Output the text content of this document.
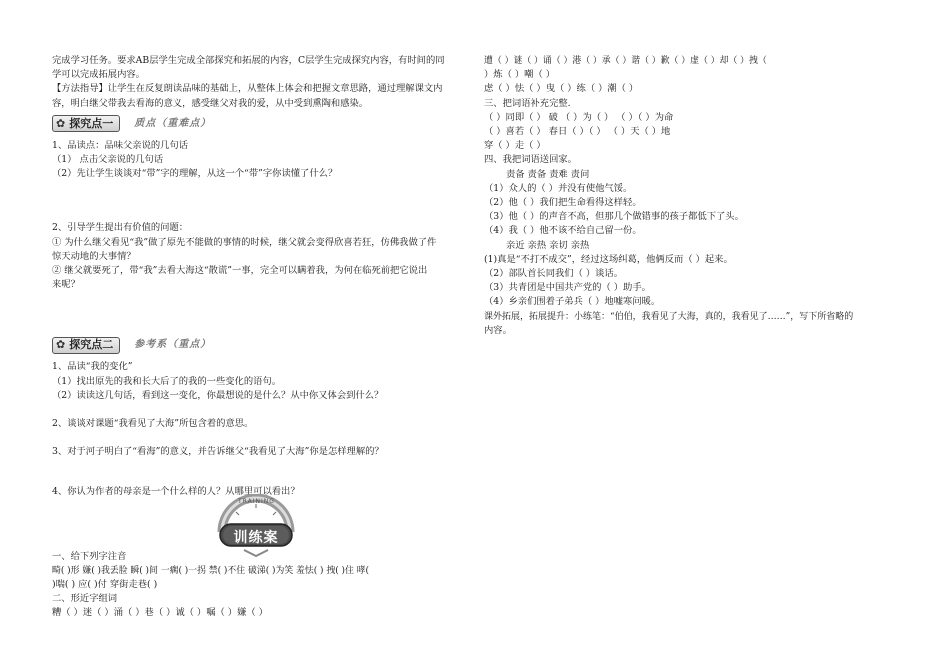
完成学习任务。要求AB层学生完成全部探究和拓展的内容，C层学生完成探究内容，有时间的同
学可以完成拓展内容。
【方法指导】让学生在反复朗读品味的基础上，从整体上体会和把握文章思路，通过理解课文内
容，明白继父带我去看海的意义，感受继父对我的爱，从中受到熏陶和感染。
✿ 探究点一 质点（重难点）
1、品读点：品味父亲说的几句话
（1） 点击父亲说的几句话
（2）先让学生谈谈对“带”字的理解，从这一个“带”字你读懂了什么？
2、引导学生提出有价值的问题：
① 为什么继父看见“我”做了原先不能做的事情的时候，继父就会变得欣喜若狂，仿佛我做了件
惊天动地的大事情？
② 继父就要死了，带“我”去看大海这“散谎”一事，完全可以瞒着我，为何在临死前把它说出
来呢？
✿ 探究点二 参考系（重点）
1、品读“我的变化”
（1）找出原先的我和长大后了的我的一些变化的语句。
（2）读读这几句话，看到这一变化，你最想说的是什么？从中你又体会到什么？
2、谈谈对课题“我看见了大海”所包含着的意思。
3、对于河子明白了“看海”的意义，并告诉继父“我看见了大海”你是怎样理解的？
4、你认为作者的母亲是一个什么样的人？从哪里可以看出？
一、给下列字注音
畸( )形 嫌( )我丢脸 瞬( )间 一瘸( )一拐 禁( )不住 破涕( )为笑 羞怯( ) 拽( )住 哮(
)喘( ) 应( )付 穿街走巷( )
二、形近字组词
糟（ ）迷（ ）涌（ ）巷（ ）诚（ ）嘱（ ）嫌（ ）
TRAINING
训练案
遭（ ）谜（ ）诵（ ）港（ ）承（ ）谐（ ）歉（ ）虚（ ）却（ ）拽（
）炼（ ）嘲（ ）
虑（ ）怯（ ）曳（ ）练（ ）潮（ ）
三、把词语补充完整.
（ ）同即（ ） 破 （ ）为（ ） （ ）（ ）为命
（ ）喜若（ ） 春日（ ）（ ） （ ）天（ ）地
穿（ ）走（ ）
四、我把词语送回家。
责备 责备 责难 责问
（1）众人的（ ）并没有使他气馁。
（2）他（ ）我们把生命看得这样轻。
（3）他（ ）的声音不高，但那几个做错事的孩子都低下了头。
（4）我（ ）他不该不给自己留一份。
亲近 亲热 亲切 亲热
(1)真是“不打不成交”，经过这场纠葛，他俩反而（ ）起来。
（2）部队首长同我们（ ）谈话。
（3）共青团是中国共产党的（ ）助手。
（4）乡亲们围着子弟兵（ ）地嘘寒问暖。
课外拓展，拓展提升：小练笔：“伯伯，我看见了大海，真的，我看见了……”，写下所省略的
内容。
